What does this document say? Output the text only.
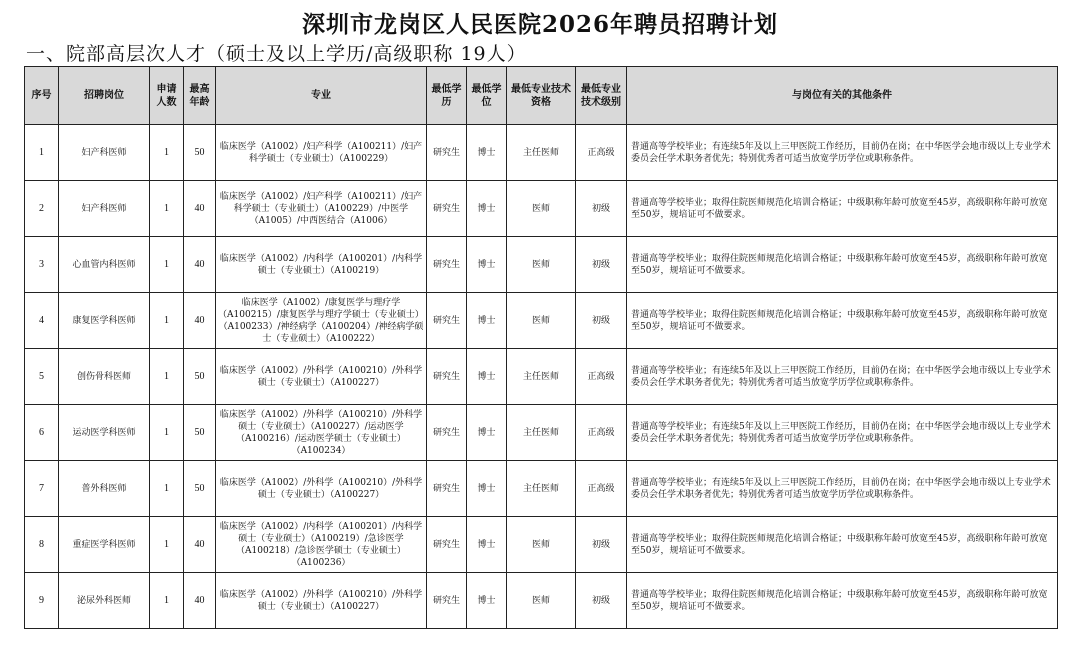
深圳市龙岗区人民医院2026年聘员招聘计划
一、院部高层次人才（硕士及以上学历/高级职称 19人）
序号	招聘岗位	申请人数	最高年龄	专业	最低学历	最低学位	最低专业技术资格	最低专业技术级别	与岗位有关的其他条件
1	妇产科医师	1	50	临床医学（A1002）/妇产科学（A100211）/妇产科学硕士（专业硕士）（A100229）	研究生	博士	主任医师	正高级	普通高等学校毕业；有连续5年及以上三甲医院工作经历，目前仍在岗；在中华医学会地市级以上专业学术委员会任学术职务者优先；特别优秀者可适当放宽学历学位或职称条件。
2	妇产科医师	1	40	临床医学（A1002）/妇产科学（A100211）/妇产科学硕士（专业硕士）（A100229）/中医学（A1005）/中西医结合（A1006）	研究生	博士	医师	初级	普通高等学校毕业；取得住院医师规范化培训合格证；中级职称年龄可放宽至45岁，高级职称年龄可放宽至50岁，规培证可不做要求。
3	心血管内科医师	1	40	临床医学（A1002）/内科学（A100201）/内科学硕士（专业硕士）（A100219）	研究生	博士	医师	初级	普通高等学校毕业；取得住院医师规范化培训合格证；中级职称年龄可放宽至45岁，高级职称年龄可放宽至50岁，规培证可不做要求。
4	康复医学科医师	1	40	临床医学（A1002）/康复医学与理疗学（A100215）/康复医学与理疗学硕士（专业硕士）（A100233）/神经病学（A100204）/神经病学硕士（专业硕士）（A100222）	研究生	博士	医师	初级	普通高等学校毕业；取得住院医师规范化培训合格证；中级职称年龄可放宽至45岁，高级职称年龄可放宽至50岁，规培证可不做要求。
5	创伤骨科医师	1	50	临床医学（A1002）/外科学（A100210）/外科学硕士（专业硕士）（A100227）	研究生	博士	主任医师	正高级	普通高等学校毕业；有连续5年及以上三甲医院工作经历，目前仍在岗；在中华医学会地市级以上专业学术委员会任学术职务者优先；特别优秀者可适当放宽学历学位或职称条件。
6	运动医学科医师	1	50	临床医学（A1002）/外科学（A100210）/外科学硕士（专业硕士）（A100227）/运动医学（A100216）/运动医学硕士（专业硕士）（A100234）	研究生	博士	主任医师	正高级	普通高等学校毕业；有连续5年及以上三甲医院工作经历，目前仍在岗；在中华医学会地市级以上专业学术委员会任学术职务者优先；特别优秀者可适当放宽学历学位或职称条件。
7	普外科医师	1	50	临床医学（A1002）/外科学（A100210）/外科学硕士（专业硕士）（A100227）	研究生	博士	主任医师	正高级	普通高等学校毕业；有连续5年及以上三甲医院工作经历，目前仍在岗；在中华医学会地市级以上专业学术委员会任学术职务者优先；特别优秀者可适当放宽学历学位或职称条件。
8	重症医学科医师	1	40	临床医学（A1002）/内科学（A100201）/内科学硕士（专业硕士）（A100219）/急诊医学（A100218）/急诊医学硕士（专业硕士）（A100236）	研究生	博士	医师	初级	普通高等学校毕业；取得住院医师规范化培训合格证；中级职称年龄可放宽至45岁，高级职称年龄可放宽至50岁，规培证可不做要求。
9	泌尿外科医师	1	40	临床医学（A1002）/外科学（A100210）/外科学硕士（专业硕士）（A100227）	研究生	博士	医师	初级	普通高等学校毕业；取得住院医师规范化培训合格证；中级职称年龄可放宽至45岁，高级职称年龄可放宽至50岁，规培证可不做要求。
